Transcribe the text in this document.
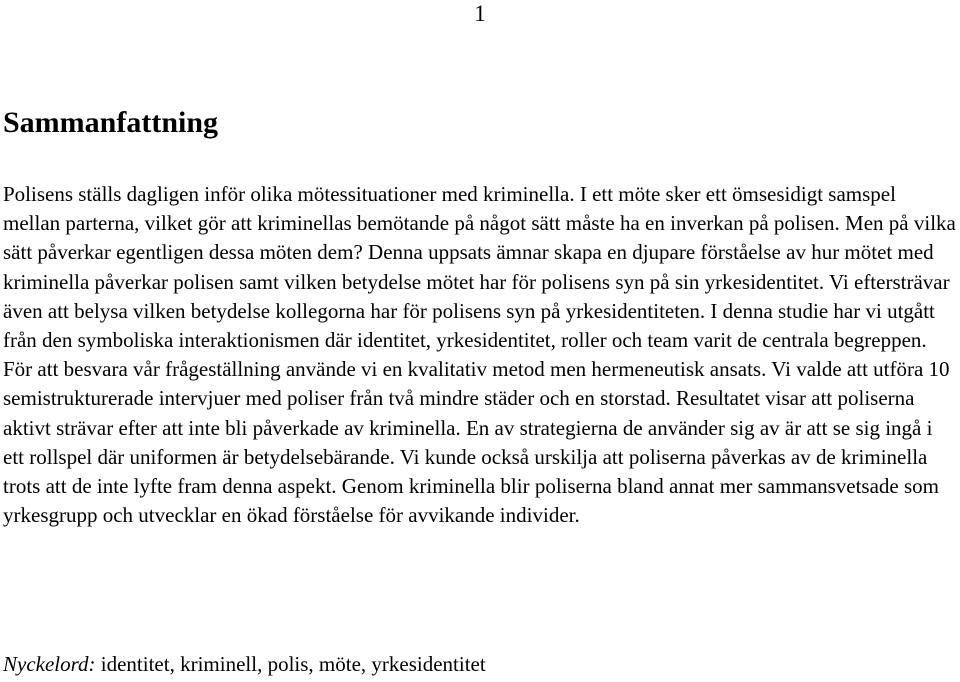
1
Sammanfattning

Polisens ställs dagligen inför olika mötessituationer med kriminella. I ett möte sker ett ömsesidigt samspel mellan parterna, vilket gör att kriminellas bemötande på något sätt måste ha en inverkan på polisen. Men på vilka sätt påverkar egentligen dessa möten dem? Denna uppsats ämnar skapa en djupare förståelse av hur mötet med kriminella påverkar polisen samt vilken betydelse mötet har för polisens syn på sin yrkesidentitet. Vi eftersträvar även att belysa vilken betydelse kollegorna har för polisens syn på yrkesidentiteten. I denna studie har vi utgått från den symboliska interaktionismen där identitet, yrkesidentitet, roller och team varit de centrala begreppen. För att besvara vår frågeställning använde vi en kvalitativ metod men hermeneutisk ansats. Vi valde att utföra 10 semistrukturerade intervjuer med poliser från två mindre städer och en storstad. Resultatet visar att poliserna aktivt strävar efter att inte bli påverkade av kriminella. En av strategierna de använder sig av är att se sig ingå i ett rollspel där uniformen är betydelsebärande. Vi kunde också urskilja att poliserna påverkas av de kriminella trots att de inte lyfte fram denna aspekt. Genom kriminella blir poliserna bland annat mer sammansvetsade som yrkesgrupp och utvecklar en ökad förståelse för avvikande individer.

Nyckelord: identitet, kriminell, polis, möte, yrkesidentitet
